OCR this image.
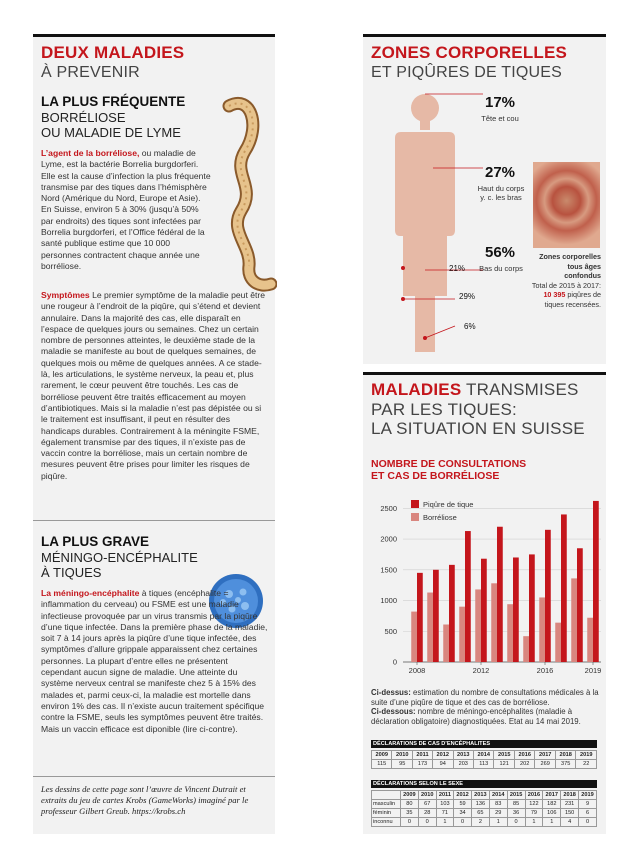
DEUX MALADIES
À PREVENIR
LA PLUS FRÉQUENTE
BORRÉLIOSE
OU MALADIE DE LYME
L’agent de la borréliose, ou maladie de Lyme, est la bactérie Borrelia burgdorferi. Elle est la cause d’infection la plus fréquente transmise par des tiques dans l’hémisphère Nord (Amérique du Nord, Europe et Asie). En Suisse, environ 5 à 30% (jusqu’à 50% par endroits) des tiques sont infectées par Borrelia burgdorferi, et l’Office fédéral de la santé publique estime que 10 000 personnes contractent chaque année une borréliose.
Symptômes Le premier symptôme de la maladie peut être une rougeur à l’endroit de la piqûre, qui s’étend et devient annulaire. Dans la majorité des cas, elle disparaît en l’espace de quelques jours ou semaines. Chez un certain nombre de personnes atteintes, le deuxième stade de la maladie se manifeste au bout de quelques semaines, de quelques mois ou même de quelques années. A ce stade-là, les articulations, le système nerveux, la peau et, plus rarement, le cœur peuvent être touchés. Les cas de borréliose peuvent être traités efficacement au moyen d’antibiotiques. Mais si la maladie n’est pas dépistée ou si le traitement est insuffisant, il peut en résulter des handicaps durables. Contrairement à la méningite FSME, également transmise par des tiques, il n’existe pas de vaccin contre la borréliose, mais un certain nombre de mesures peuvent être prises pour limiter les risques de piqûre.
LA PLUS GRAVE
MÉNINGO-ENCÉPHALITE
À TIQUES
La méningo-encéphalite à tiques (encéphalite = inflammation du cerveau) ou FSME est une maladie infectieuse provoquée par un virus transmis par la piqûre d’une tique infectée. Dans la première phase de la maladie, soit 7 à 14 jours après la piqûre d’une tique infectée, des symptômes d’allure grippale apparaissent chez certaines personnes. La plupart d’entre elles ne présentent cependant aucun signe de maladie. Une atteinte du système nerveux central se manifeste chez 5 à 15% des malades et, parmi ceux-ci, la maladie est mortelle dans environ 1% des cas. Il n’existe aucun traitement spécifique contre la FSME, seuls les symptômes peuvent être traités. Mais un vaccin efficace est diponible (lire ci-contre).
Les dessins de cette page sont l’œuvre de Vincent Dutrait et extraits du jeu de cartes Krobs (GameWorks) imaginé par le professeur Gilbert Greub. https://krobs.ch
ZONES CORPORELLES
ET PIQÛRES DE TIQUES
17%
Tête et cou
27%
Haut du corps
y. c. les bras
56%
Bas du corps
21%
29%
6%
Zones corporelles tous âges confondus
Total de 2015 à 2017:
10 395 piqûres de tiques recensées.
MALADIES TRANSMISES
PAR LES TIQUES:
LA SITUATION EN SUISSE
NOMBRE DE CONSULTATIONS
ET CAS DE BORRÉLIOSE
0
500
1000
1500
2000
2500
2008	2012	2016	2019
Piqûre de tique
Borréliose
Ci-dessus: estimation du nombre de consultations médicales à la suite d’une piqûre de tique et des cas de borréliose.
Ci-dessous: nombre de méningo-encéphalites (maladie à déclaration obligatoire) diagnostiquées. Etat au 14 mai 2019.
DÉCLARATIONS DE CAS D’ENCÉPHALITES
2009	2010	2011	2012	2013	2014	2015	2016	2017	2018	2019
115	95	173	94	203	113	121	202	269	375	22
DÉCLARATIONS SELON LE SEXE
	2009	2010	2011	2012	2013	2014	2015	2016	2017	2018	2019
masculin	80	67	103	59	136	83	85	122	182	231	9
féminin	35	28	71	34	65	29	36	79	106	150	6
inconnu	0	0	1	0	2	1	0	1	1	4	0
